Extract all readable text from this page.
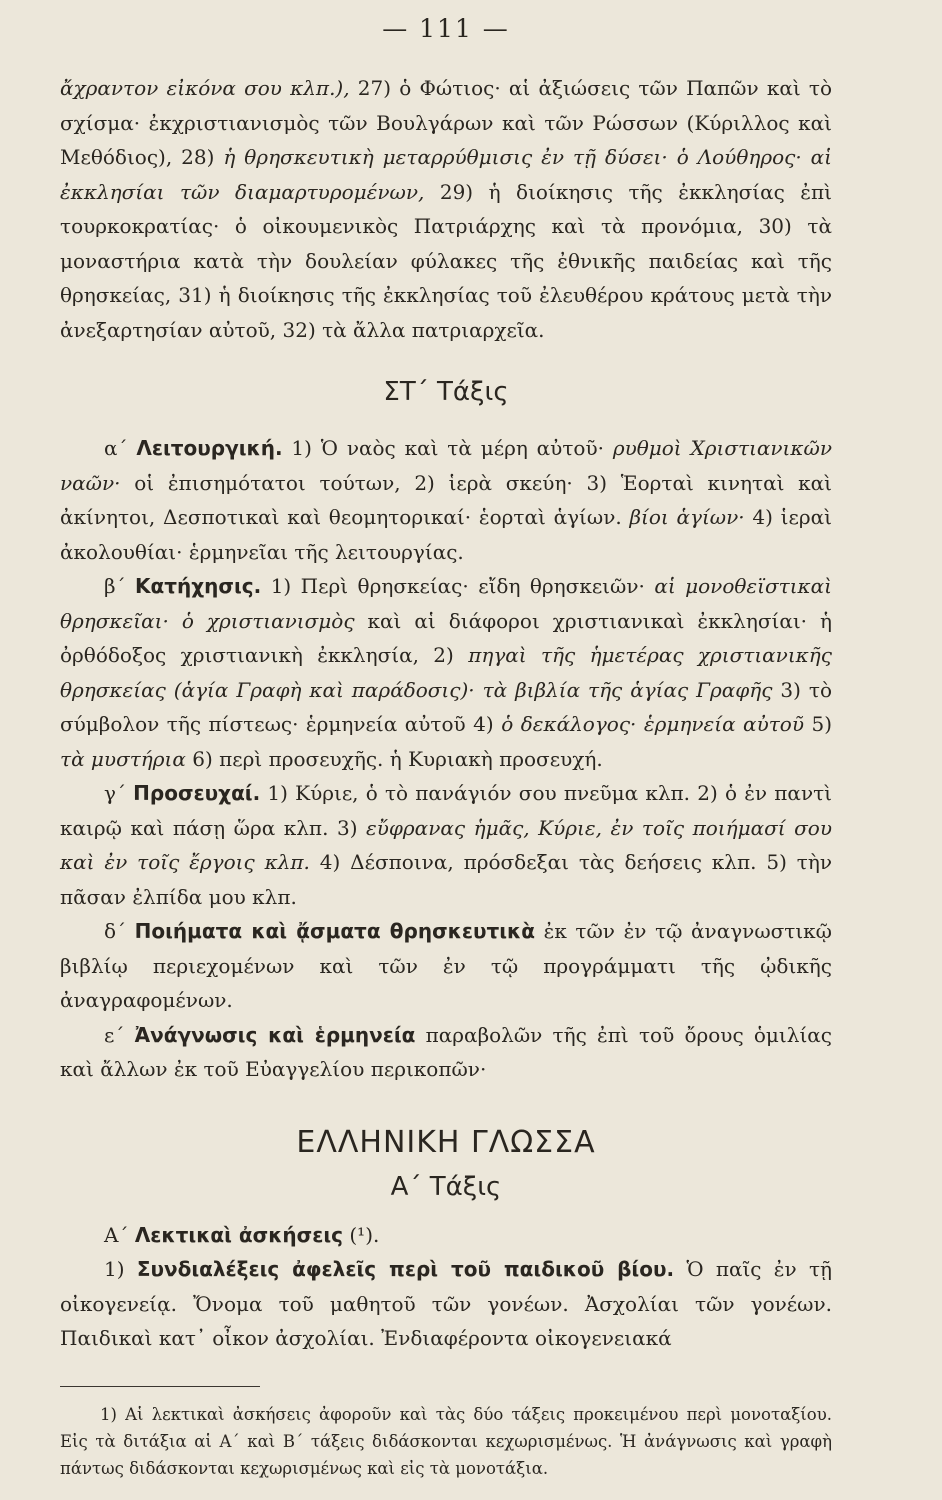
— 111 —

ἄχραντον εἰκόνα σου κλπ.), 27) ὁ Φώτιος· αἱ ἀξιώσεις τῶν Παπῶν καὶ τὸ σχίσμα· ἐκχριστιανισμὸς τῶν Βουλγάρων καὶ τῶν Ρώσσων (Κύριλλος καὶ Μεθόδιος), 28) ἡ θρησκευτικὴ μεταρρύθμισις ἐν τῇ δύσει· ὁ Λούθηρος· αἱ ἐκκλησίαι τῶν διαμαρτυρομένων, 29) ἡ διοίκησις τῆς ἐκκλησίας ἐπὶ τουρκοκρατίας· ὁ οἰκουμενικὸς Πατριάρχης καὶ τὰ προνόμια, 30) τὰ μοναστήρια κατὰ τὴν δουλείαν φύλακες τῆς ἐθνικῆς παιδείας καὶ τῆς θρησκείας, 31) ἡ διοίκησις τῆς ἐκκλησίας τοῦ ἐλευθέρου κράτους μετὰ τὴν ἀνεξαρτησίαν αὐτοῦ, 32) τὰ ἄλλα πατριαρχεῖα.

ΣΤ΄ Τάξις

α΄ Λειτουργική. 1) Ὁ ναὸς καὶ τὰ μέρη αὐτοῦ· ρυθμοὶ Χριστιανικῶν ναῶν· οἱ ἐπισημότατοι τούτων, 2) ἱερὰ σκεύη· 3) Ἑορταὶ κινηταὶ καὶ ἀκίνητοι, Δεσποτικαὶ καὶ θεομητορικαί· ἑορταὶ ἁγίων. βίοι ἁγίων· 4) ἱεραὶ ἀκολουθίαι· ἑρμηνεῖαι τῆς λειτουργίας.

β΄ Κατήχησις. 1) Περὶ θρησκείας· εἴδη θρησκειῶν· αἱ μονοθεϊστικαὶ θρησκεῖαι· ὁ χριστιανισμὸς καὶ αἱ διάφοροι χριστιανικαὶ ἐκκλησίαι· ἡ ὀρθόδοξος χριστιανικὴ ἐκκλησία, 2) πηγαὶ τῆς ἡμετέρας χριστιανικῆς θρησκείας (ἁγία Γραφὴ καὶ παράδοσις)· τὰ βιβλία τῆς ἁγίας Γραφῆς 3) τὸ σύμβολον τῆς πίστεως· ἑρμηνεία αὐτοῦ 4) ὁ δεκάλογος· ἑρμηνεία αὐτοῦ 5) τὰ μυστήρια 6) περὶ προσευχῆς. ἡ Κυριακὴ προσευχή.

γ΄ Προσευχαί. 1) Κύριε, ὁ τὸ πανάγιόν σου πνεῦμα κλπ. 2) ὁ ἐν παντὶ καιρῷ καὶ πάσῃ ὥρα κλπ. 3) εὔφρανας ἡμᾶς, Κύριε, ἐν τοῖς ποιήμασί σου καὶ ἐν τοῖς ἔργοις κλπ. 4) Δέσποινα, πρόσδεξαι τὰς δεήσεις κλπ. 5) τὴν πᾶσαν ἐλπίδα μου κλπ.

δ΄ Ποιήματα καὶ ᾄσματα θρησκευτικὰ ἐκ τῶν ἐν τῷ ἀναγνωστικῷ βιβλίῳ περιεχομένων καὶ τῶν ἐν τῷ προγράμματι τῆς ᾠδικῆς ἀναγραφομένων.

ε΄ Ἀνάγνωσις καὶ ἑρμηνεία παραβολῶν τῆς ἐπὶ τοῦ ὄρους ὁμιλίας καὶ ἄλλων ἐκ τοῦ Εὐαγγελίου περικοπῶν·

ΕΛΛΗΝΙΚΗ ΓΛΩΣΣΑ
Α΄ Τάξις

Α΄ Λεκτικαὶ ἀσκήσεις (¹).

1) Συνδιαλέξεις ἀφελεῖς περὶ τοῦ παιδικοῦ βίου. Ὁ παῖς ἐν τῇ οἰκογενείᾳ. Ὄνομα τοῦ μαθητοῦ τῶν γονέων. Ἀσχολίαι τῶν γονέων. Παιδικαὶ κατ᾽ οἶκον ἀσχολίαι. Ἐνδιαφέροντα οἰκογενειακά

1) Αἱ λεκτικαὶ ἀσκήσεις ἀφοροῦν καὶ τὰς δύο τάξεις προκειμένου περὶ μονοταξίου. Εἰς τὰ διτάξια αἱ Α΄ καὶ Β΄ τάξεις διδάσκονται κεχωρισμένως. Ἡ ἀνάγνωσις καὶ γραφὴ πάντως διδάσκονται κεχωρισμένως καὶ εἰς τὰ μονοτάξια.
